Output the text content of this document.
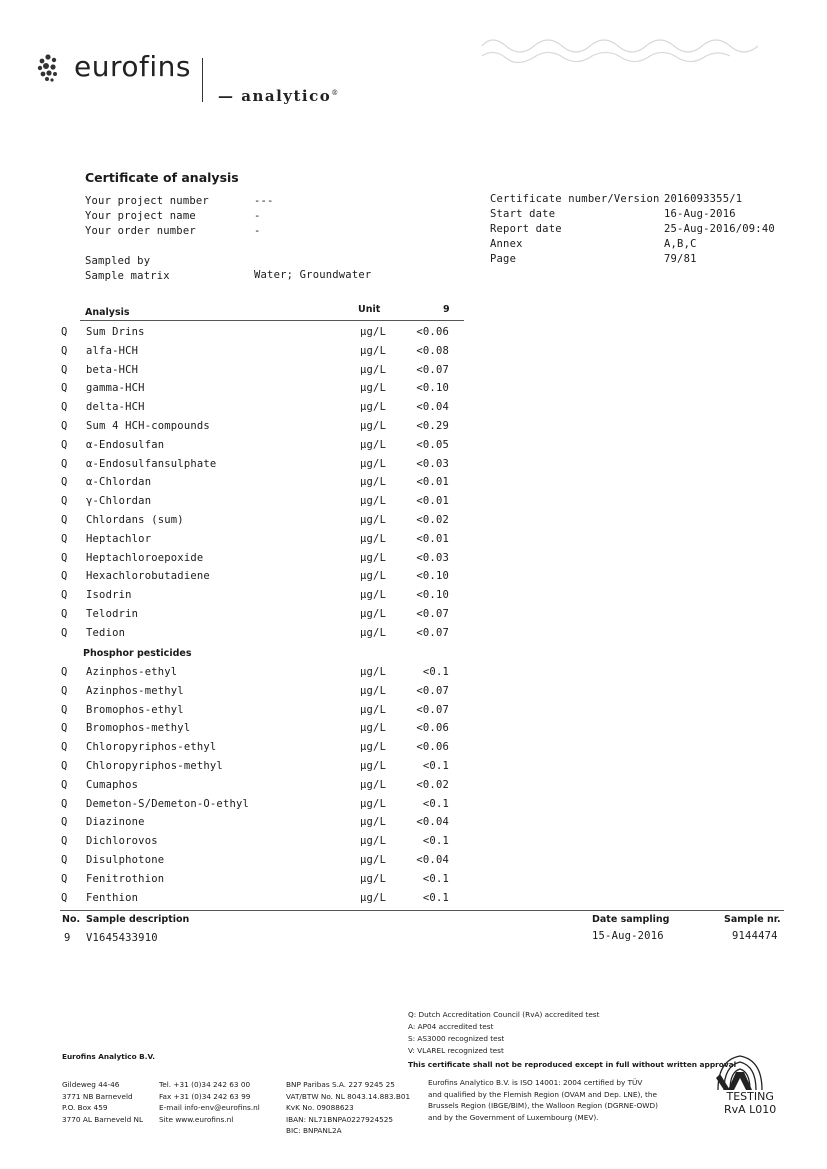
eurofins
— analytico®
Certificate of analysis
Your project number	---
Your project name	-
Your order number	-
Sampled by
Sample matrix	Water; Groundwater
Certificate number/Version 2016093355/1
Start date	16-Aug-2016
Report date	25-Aug-2016/09:40
Annex	A,B,C
Page	79/81
Analysis	Unit	9
Q Sum Drins	µg/L	<0.06
Q alfa-HCH	µg/L	<0.08
Q beta-HCH	µg/L	<0.07
Q gamma-HCH	µg/L	<0.10
Q delta-HCH	µg/L	<0.04
Q Sum 4 HCH-compounds	µg/L	<0.29
Q α-Endosulfan	µg/L	<0.05
Q α-Endosulfansulphate	µg/L	<0.03
Q α-Chlordan	µg/L	<0.01
Q γ-Chlordan	µg/L	<0.01
Q Chlordans (sum)	µg/L	<0.02
Q Heptachlor	µg/L	<0.01
Q Heptachloroepoxide	µg/L	<0.03
Q Hexachlorobutadiene	µg/L	<0.10
Q Isodrin	µg/L	<0.10
Q Telodrin	µg/L	<0.07
Q Tedion	µg/L	<0.07
Phosphor pesticides
Q Azinphos-ethyl	µg/L	<0.1
Q Azinphos-methyl	µg/L	<0.07
Q Bromophos-ethyl	µg/L	<0.07
Q Bromophos-methyl	µg/L	<0.06
Q Chloropyriphos-ethyl	µg/L	<0.06
Q Chloropyriphos-methyl	µg/L	<0.1
Q Cumaphos	µg/L	<0.02
Q Demeton-S/Demeton-O-ethyl	µg/L	<0.1
Q Diazinone	µg/L	<0.04
Q Dichlorovos	µg/L	<0.1
Q Disulphotone	µg/L	<0.04
Q Fenitrothion	µg/L	<0.1
Q Fenthion	µg/L	<0.1
No. Sample description	Date sampling	Sample nr.
9 V1645433910	15-Aug-2016	9144474
Q: Dutch Accreditation Council (RvA) accredited test
A: AP04 accredited test
S: AS3000 recognized test
V: VLAREL recognized test
This certificate shall not be reproduced except in full without written approval
Eurofins Analytico B.V.
Gildeweg 44-46
3771 NB Barneveld
P.O. Box 459
3770 AL Barneveld NL
Tel. +31 (0)34 242 63 00
Fax +31 (0)34 242 63 99
E-mail info-env@eurofins.nl
Site www.eurofins.nl
BNP Paribas S.A. 227 9245 25
VAT/BTW No. NL 8043.14.883.B01
KvK No. 09088623
IBAN: NL71BNPA0227924525
BIC: BNPANL2A
Eurofins Analytico B.V. is ISO 14001: 2004 certified by TÜV
and qualified by the Flemish Region (OVAM and Dep. LNE), the
Brussels Region (IBGE/BIM), the Walloon Region (DGRNE-OWD)
and by the Government of Luxembourg (MEV).
TESTING
RvA L010
